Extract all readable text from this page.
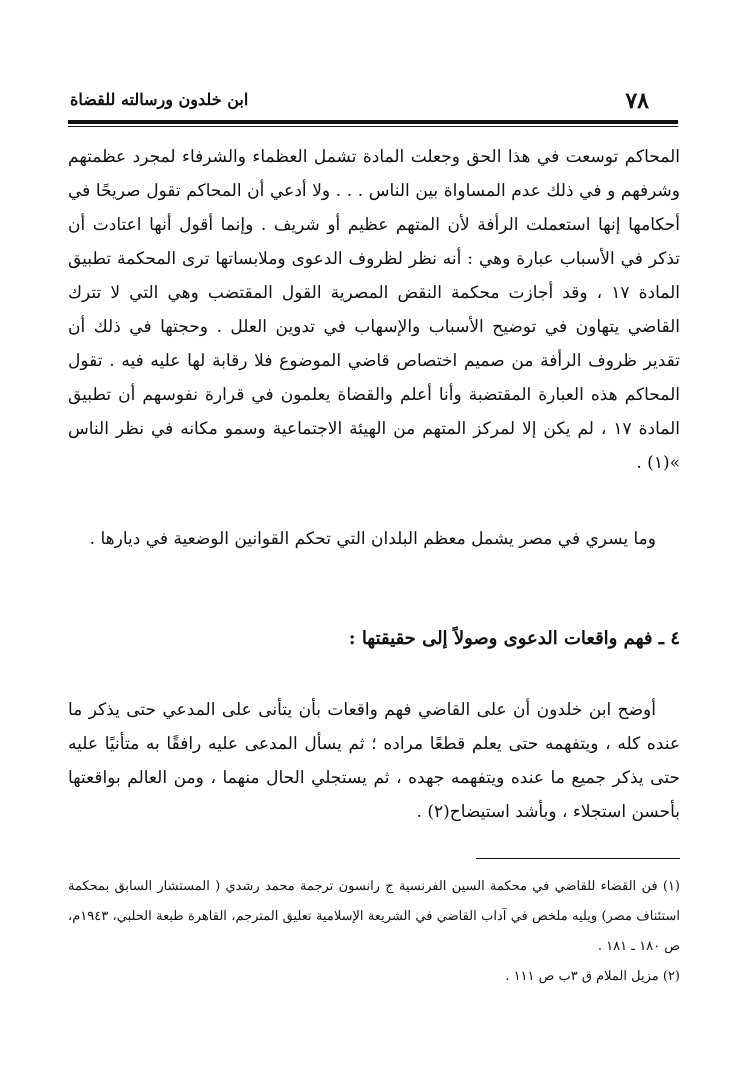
٧٨
ابن خلدون ورسالته للقضاة

المحاكم توسعت في هذا الحق وجعلت المادة تشمل العظماء والشرفاء لمجرد عظمتهم وشرفهم و في ذلك عدم المساواة بين الناس . . . ولا أدعي أن المحاكم تقول صريحًا في أحكامها إنها استعملت الرأفة لأن المتهم عظيم أو شريف . وإنما أقول أنها اعتادت أن تذكر في الأسباب عبارة وهي : أنه نظر لظروف الدعوى وملابساتها ترى المحكمة تطبيق المادة ١٧ ، وقد أجازت محكمة النقض المصرية القول المقتضب وهي التي لا تترك القاضي يتهاون في توضيح الأسباب والإسهاب في تدوين العلل . وحجتها في ذلك أن تقدير ظروف الرأفة من صميم اختصاص قاضي الموضوع فلا رقابة لها عليه فيه . تقول المحاكم هذه العبارة المقتضبة وأنا أعلم والقضاة يعلمون في قرارة نفوسهم أن تطبيق المادة ١٧ ، لم يكن إلا لمركز المتهم من الهيئة الاجتماعية وسمو مكانه في نظر الناس »(١) .

وما يسري في مصر يشمل معظم البلدان التي تحكم القوانين الوضعية في ديارها .

٤ ـ فهم واقعات الدعوى وصولاً إلى حقيقتها :

أوضح ابن خلدون أن على القاضي فهم واقعات بأن يتأنى على المدعي حتى يذكر ما عنده كله ، ويتفهمه حتى يعلم قطعًا مراده ؛ ثم يسأل المدعى عليه رافقًا به متأنيًا عليه حتى يذكر جميع ما عنده ويتفهمه جهده ، ثم يستجلي الحال منهما ، ومن العالم بواقعتها بأحسن استجلاء ، وبأشد استيضاح(٢) .

(١) فن القضاء للقاضي في محكمة السين الفرنسية ج رانسون ترجمة محمد رشدي ( المستشار السابق بمحكمة استئناف مصر) ويليه ملخص في آداب القاضي في الشريعة الإسلامية تعليق المترجم، القاهرة طبعة الحلبي، ١٩٤٣م، ص ١٨٠ ـ ١٨١ .

(٢) مزيل الملام ق ٣ب ص ١١١ .
